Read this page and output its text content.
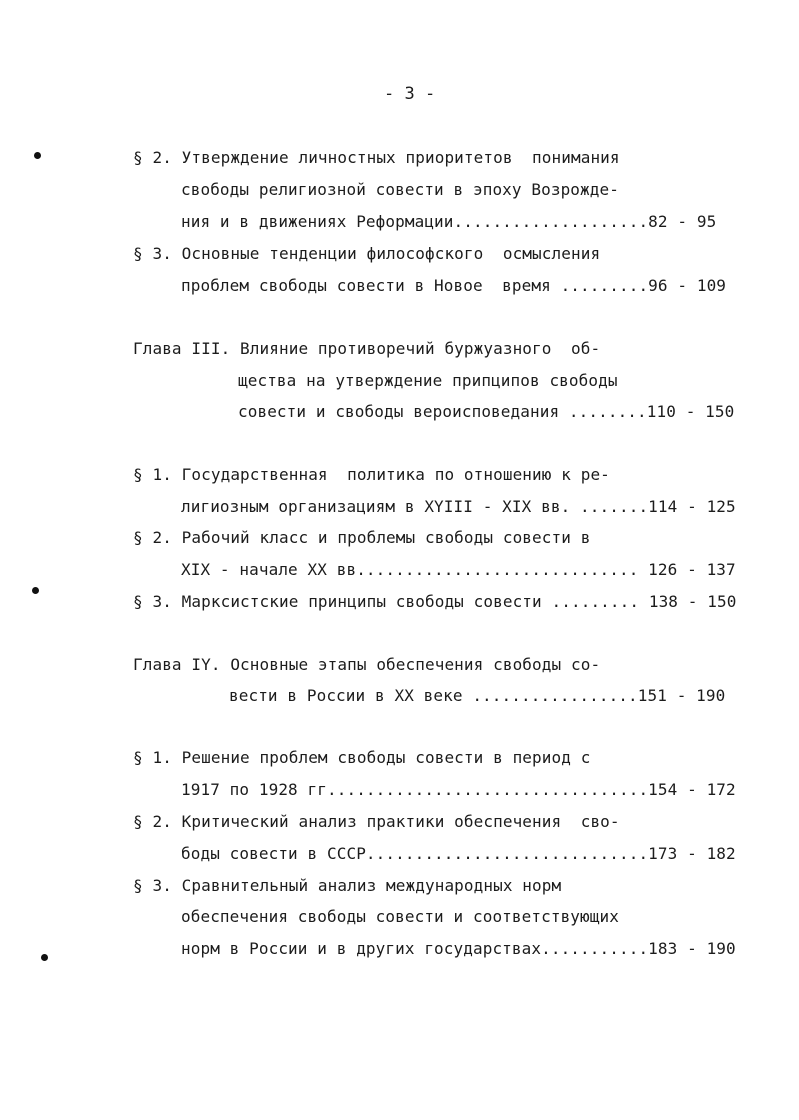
- 3 -
§ 2. Утверждение личностных приоритетов  понимания
свободы религиозной совести в эпоху Возрожде-
ния и в движениях Реформации....................82 - 95
§ 3. Основные тенденции философского  осмысления
проблем свободы совести в Новое  время .........96 - 109
Глава III. Влияние противоречий буржуазного  об-
щества на утверждение припципов свободы
совести и свободы вероисповедания ........110 - 150
§ 1. Государственная  политика по отношению к ре-
лигиозным организациям в XYIII - XIX вв. .......114 - 125
§ 2. Рабочий класс и проблемы свободы совести в
XIX - начале XX вв............................. 126 - 137
§ 3. Марксистские принципы свободы совести ......... 138 - 150
Глава IY. Основные этапы обеспечения свободы со-
вести в России в XX веке .................151 - 190
§ 1. Решение проблем свободы совести в период с
1917 по 1928 гг.................................154 - 172
§ 2. Критический анализ практики обеспечения  сво-
боды совести в СССР.............................173 - 182
§ 3. Сравнительный анализ международных норм
обеспечения свободы совести и соответствующих
норм в России и в других государствах...........183 - 190
